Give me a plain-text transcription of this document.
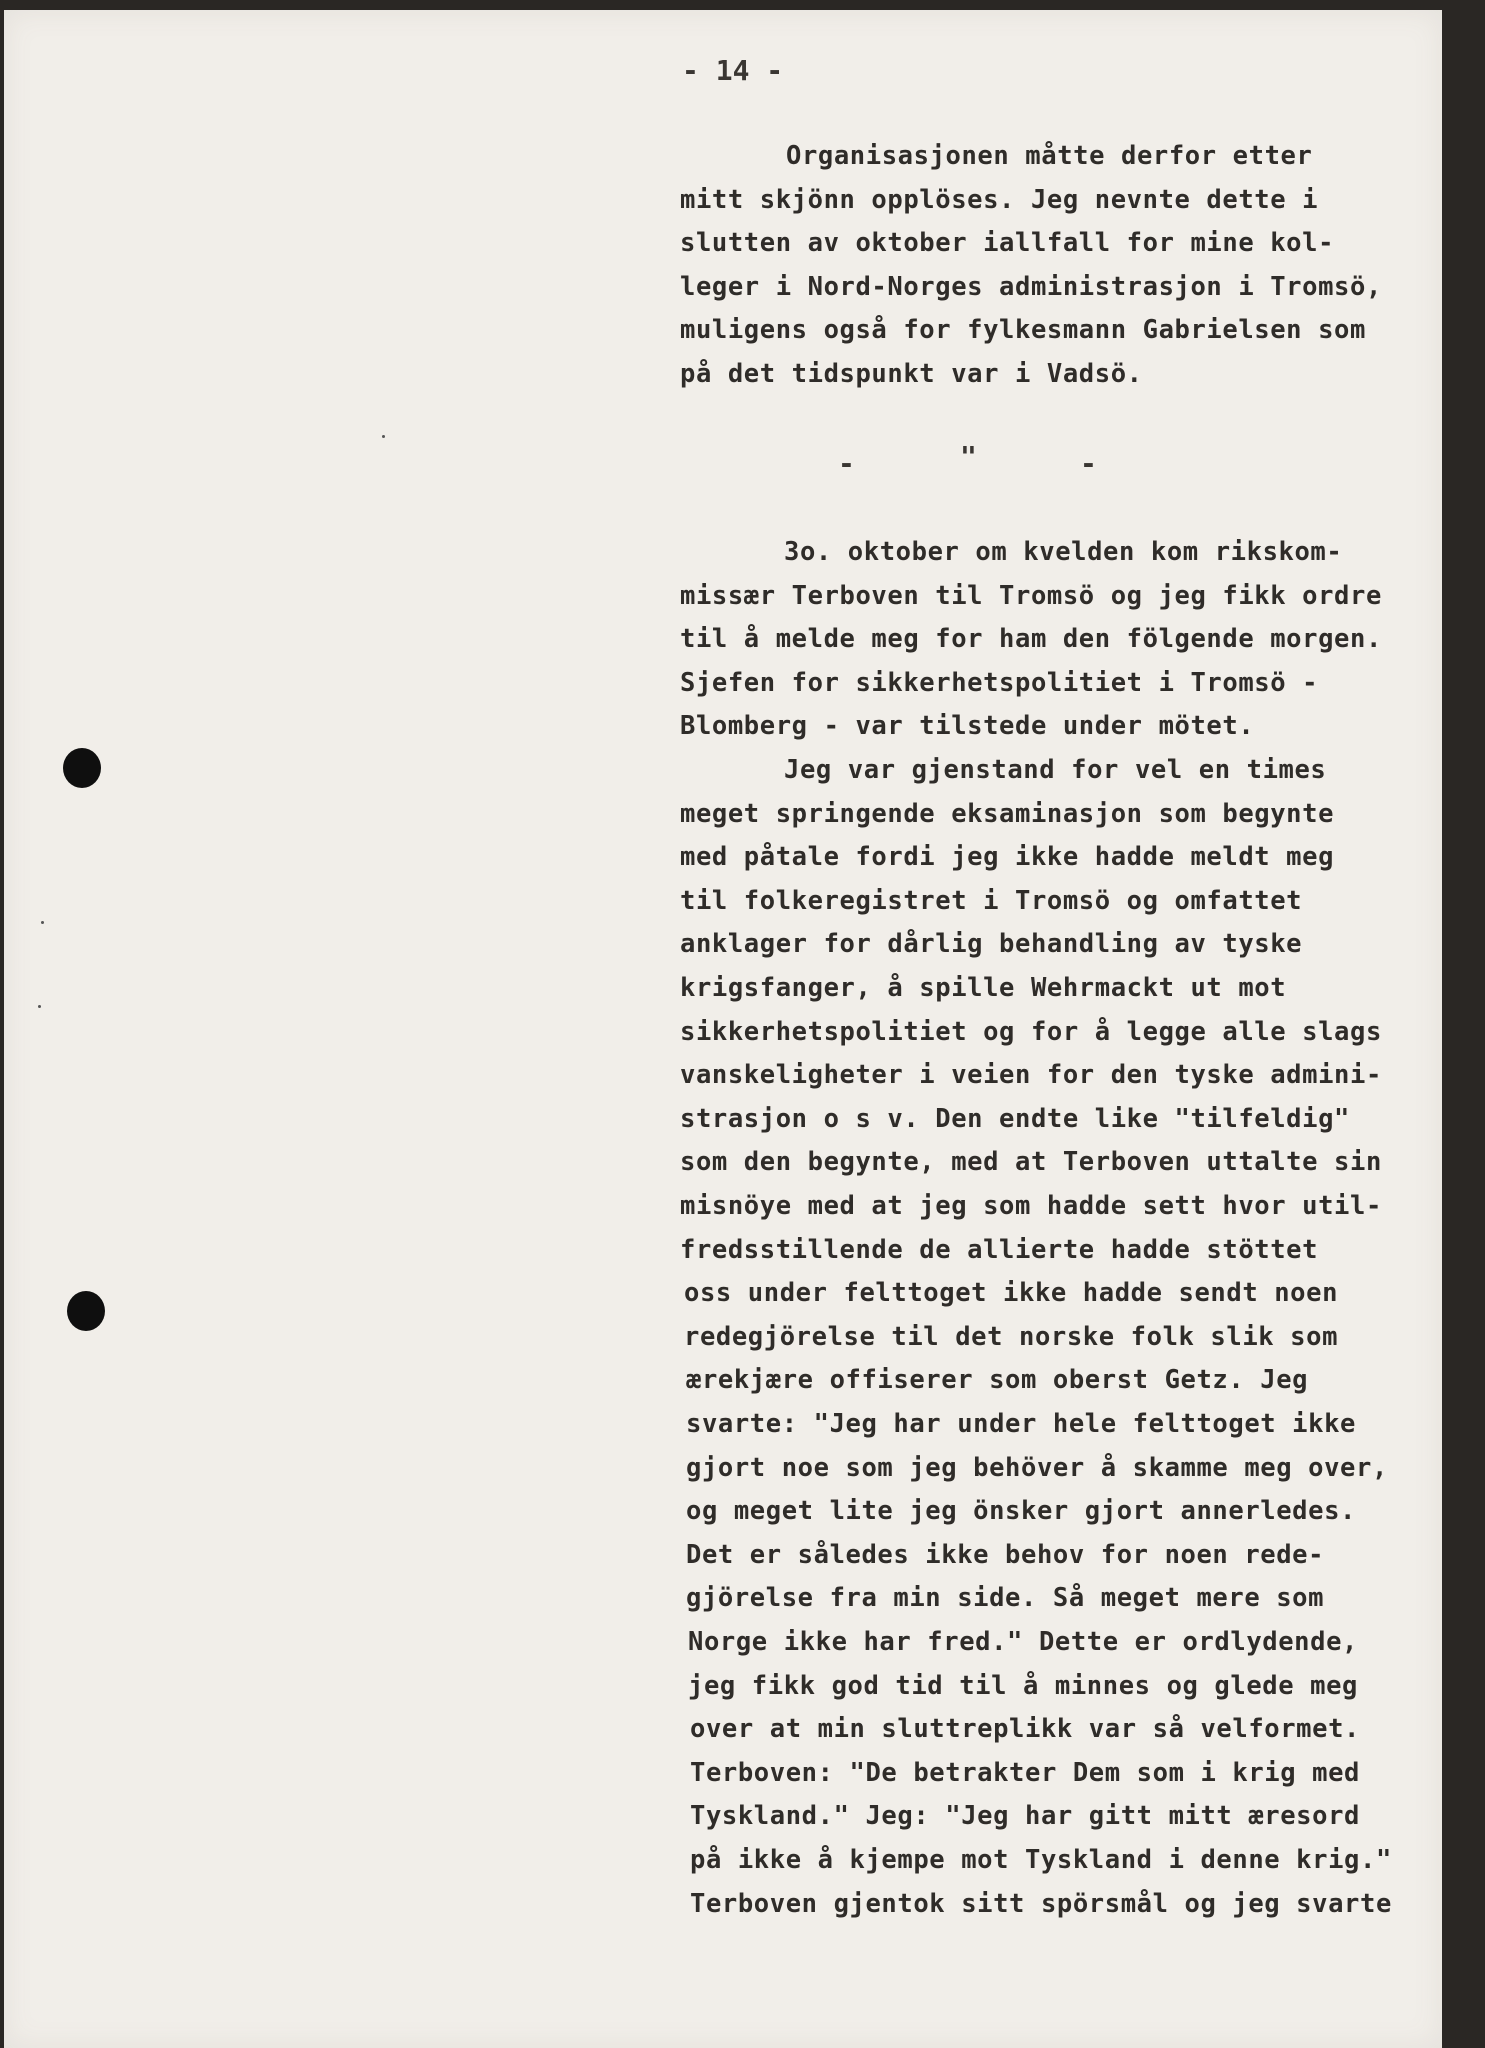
- 14 -
-	"	-
Organisasjonen måtte derfor etter
mitt skjönn opplöses. Jeg nevnte dette i
slutten av oktober iallfall for mine kol-
leger i Nord-Norges administrasjon i Tromsö,
muligens også for fylkesmann Gabrielsen som
på det tidspunkt var i Vadsö.
3o. oktober om kvelden kom rikskom-
missær Terboven til Tromsö og jeg fikk ordre
til å melde meg for ham den fölgende morgen.
Sjefen for sikkerhetspolitiet i Tromsö -
Blomberg - var tilstede under mötet.
Jeg var gjenstand for vel en times
meget springende eksaminasjon som begynte
med påtale fordi jeg ikke hadde meldt meg
til folkeregistret i Tromsö og omfattet
anklager for dårlig behandling av tyske
krigsfanger, å spille Wehrmackt ut mot
sikkerhetspolitiet og for å legge alle slags
vanskeligheter i veien for den tyske admini-
strasjon o s v. Den endte like "tilfeldig"
som den begynte, med at Terboven uttalte sin
misnöye med at jeg som hadde sett hvor util-
fredsstillende de allierte hadde stöttet
oss under felttoget ikke hadde sendt noen
redegjörelse til det norske folk slik som
ærekjære offiserer som oberst Getz. Jeg
svarte: "Jeg har under hele felttoget ikke
gjort noe som jeg behöver å skamme meg over,
og meget lite jeg önsker gjort annerledes.
Det er således ikke behov for noen rede-
gjörelse fra min side. Så meget mere som
Norge ikke har fred." Dette er ordlydende,
jeg fikk god tid til å minnes og glede meg
over at min sluttreplikk var så velformet.
Terboven: "De betrakter Dem som i krig med
Tyskland." Jeg: "Jeg har gitt mitt æresord
på ikke å kjempe mot Tyskland i denne krig."
Terboven gjentok sitt spörsmål og jeg svarte
